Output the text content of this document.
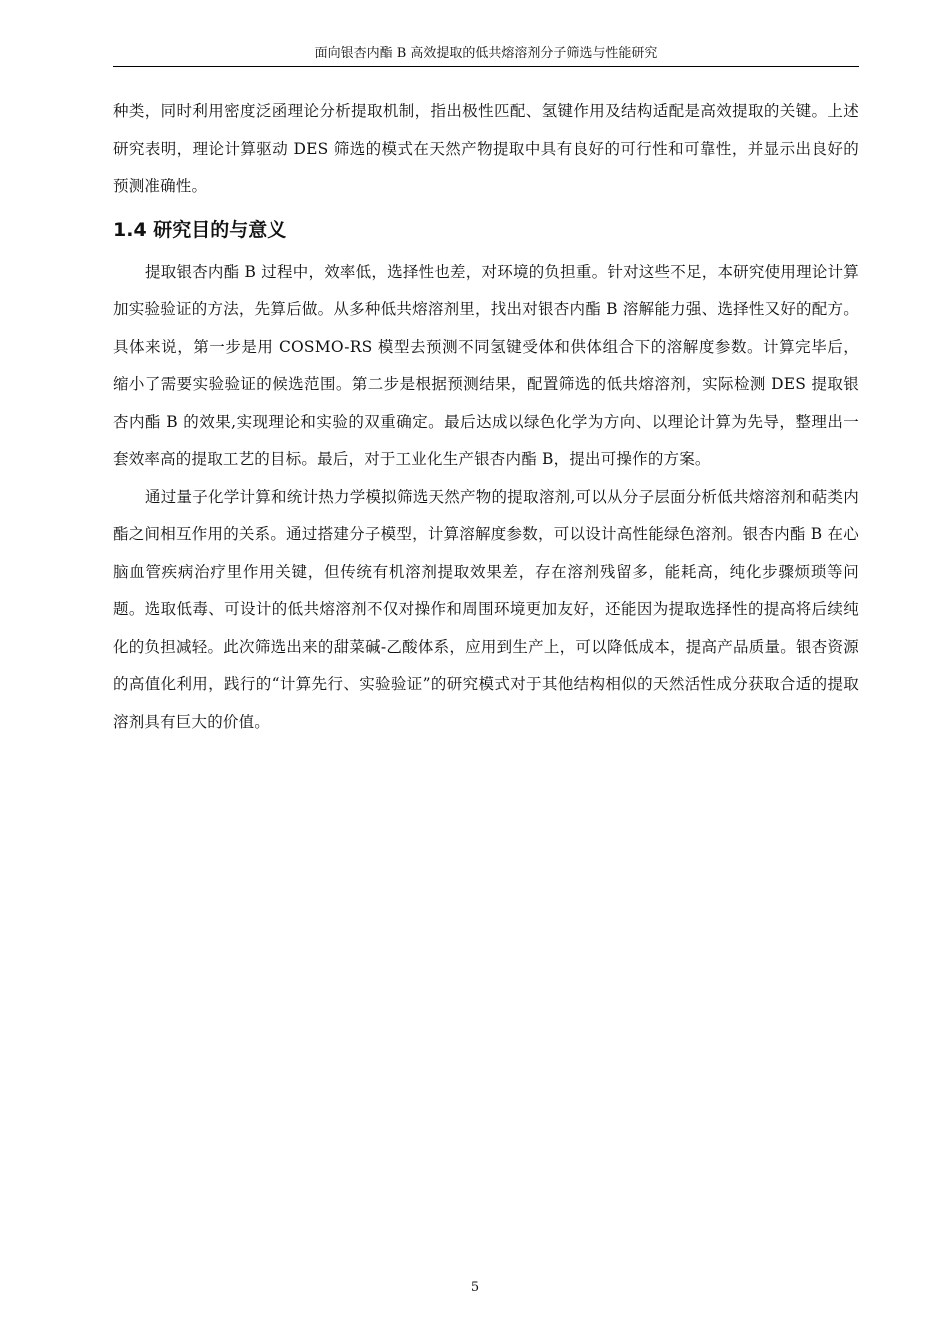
面向银杏内酯 B 高效提取的低共熔溶剂分子筛选与性能研究

种类，同时利用密度泛函理论分析提取机制，指出极性匹配、氢键作用及结构适配是高效提取的关键。上述研究表明，理论计算驱动 DES 筛选的模式在天然产物提取中具有良好的可行性和可靠性，并显示出良好的预测准确性。

1.4 研究目的与意义

提取银杏内酯 B 过程中，效率低，选择性也差，对环境的负担重。针对这些不足，本研究使用理论计算加实验验证的方法，先算后做。从多种低共熔溶剂里，找出对银杏内酯 B 溶解能力强、选择性又好的配方。具体来说，第一步是用 COSMO-RS 模型去预测不同氢键受体和供体组合下的溶解度参数。计算完毕后，缩小了需要实验验证的候选范围。第二步是根据预测结果，配置筛选的低共熔溶剂，实际检测 DES 提取银杏内酯 B 的效果,实现理论和实验的双重确定。最后达成以绿色化学为方向、以理论计算为先导，整理出一套效率高的提取工艺的目标。最后，对于工业化生产银杏内酯 B，提出可操作的方案。

通过量子化学计算和统计热力学模拟筛选天然产物的提取溶剂,可以从分子层面分析低共熔溶剂和萜类内酯之间相互作用的关系。通过搭建分子模型，计算溶解度参数，可以设计高性能绿色溶剂。银杏内酯 B 在心脑血管疾病治疗里作用关键，但传统有机溶剂提取效果差，存在溶剂残留多，能耗高，纯化步骤烦琐等问题。选取低毒、可设计的低共熔溶剂不仅对操作和周围环境更加友好，还能因为提取选择性的提高将后续纯化的负担减轻。此次筛选出来的甜菜碱-乙酸体系，应用到生产上，可以降低成本，提高产品质量。银杏资源的高值化利用，践行的“计算先行、实验验证”的研究模式对于其他结构相似的天然活性成分获取合适的提取溶剂具有巨大的价值。

5
